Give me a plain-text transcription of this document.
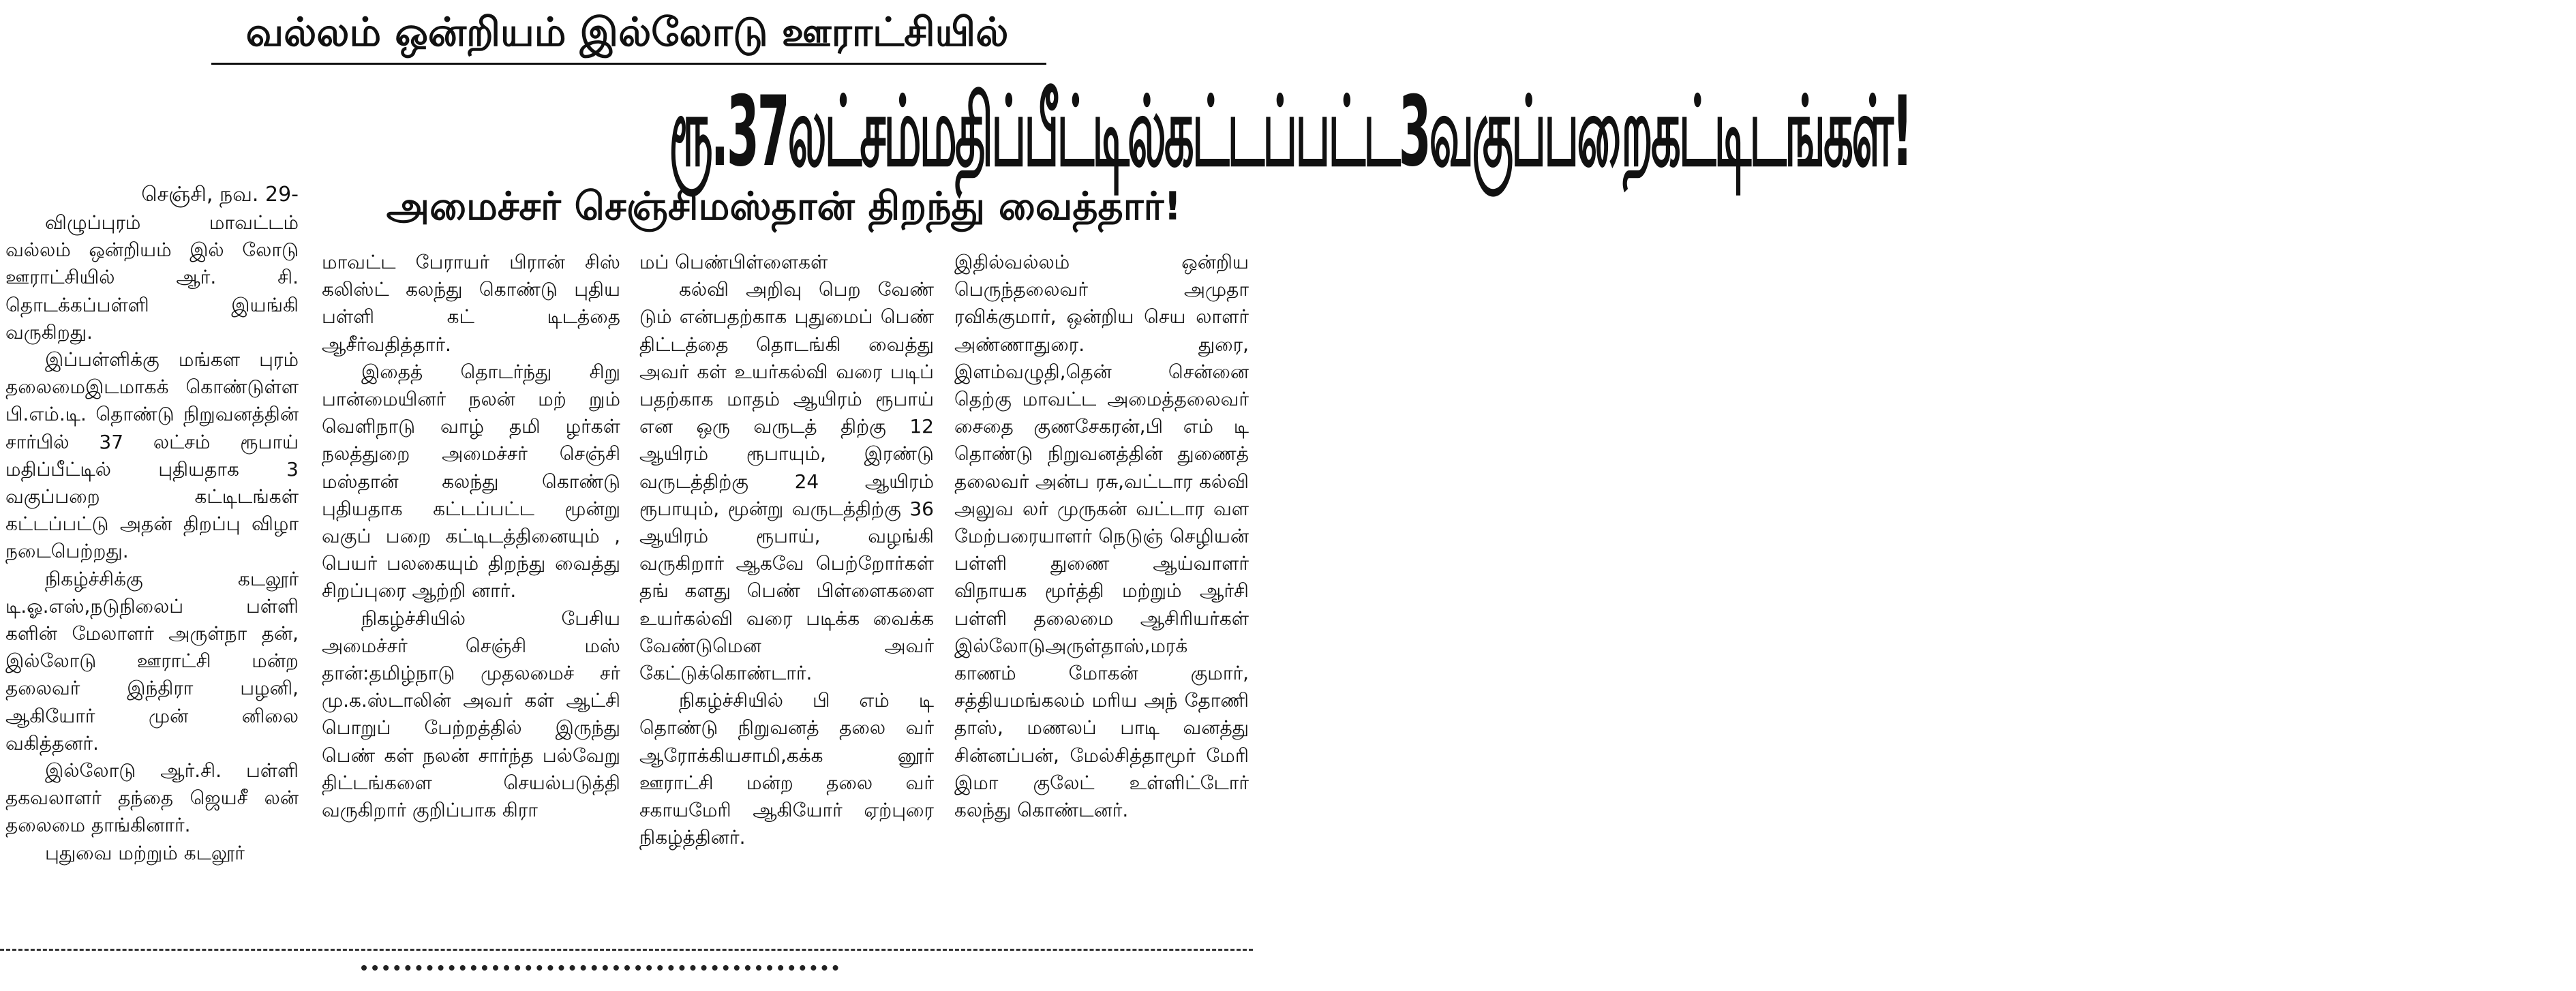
வல்லம் ஒன்றியம் இல்லோடு ஊராட்சியில்
ரூ.37லட்சம்மதிப்பீட்டில்கட்டப்பட்ட3வகுப்பறைகட்டிடங்கள்!
செஞ்சி, நவ. 29-	அமைச்சர் செஞ்சிமஸ்தான் திறந்து வைத்தார்!

விழுப்புரம் மாவட்டம் வல்லம் ஒன்றியம் இல் லோடு ஊராட்சியில் ஆர். சி. தொடக்கப்பள்ளி இயங்கி வருகிறது.

இப்பள்ளிக்கு மங்கள புரம் தலைமைஇடமாகக் கொண்டுள்ள பி.எம்.டி. தொண்டு நிறுவனத்தின் சார்பில் 37 லட்சம் ரூபாய் மதிப்பீட்டில் புதியதாக 3 வகுப்பறை கட்டிடங்கள் கட்டப்பட்டு அதன் திறப்பு விழா நடைபெற்றது.

நிகழ்ச்சிக்கு கடலூர் டி.ஓ.எஸ்,நடுநிலைப் பள்ளி களின் மேலாளர் அருள்நா தன், இல்லோடு ஊராட்சி மன்ற தலைவர் இந்திரா பழனி, ஆகியோர் முன் னிலை வகித்தனர்.

இல்லோடு ஆர்.சி. பள்ளி தகவலாளர் தந்தை ஜெயசீ லன் தலைமை தாங்கினார்.

புதுவை மற்றும் கடலூர்

மாவட்ட பேராயர் பிரான் சிஸ் கலிஸ்ட் கலந்து கொண்டு புதிய பள்ளி கட் டிடத்தை ஆசீர்வதித்தார்.

இதைத் தொடர்ந்து சிறு பான்மையினர் நலன் மற் றும் வெளிநாடு வாழ் தமி ழர்கள் நலத்துறை அமைச்சர் செஞ்சி மஸ்தான் கலந்து கொண்டு புதியதாக கட்டப்பட்ட மூன்று வகுப் பறை கட்டிடத்தினையும் , பெயர் பலகையும் திறந்து வைத்து சிறப்புரை ஆற்றி னார்.

நிகழ்ச்சியில் பேசிய அமைச்சர் செஞ்சி மஸ் தான்:தமிழ்நாடு முதலமைச் சர் மு.க.ஸ்டாலின் அவர் கள் ஆட்சி பொறுப் பேற்றத்தில் இருந்து பெண் கள் நலன் சார்ந்த பல்வேறு திட்டங்களை செயல்படுத்தி வருகிறார் குறிப்பாக கிரா

மப் பெண்பிள்ளைகள்

கல்வி அறிவு பெற வேண் டும் என்பதற்காக புதுமைப் பெண் திட்டத்தை தொடங்கி வைத்து அவர் கள் உயர்கல்வி வரை படிப் பதற்காக மாதம் ஆயிரம் ரூபாய் என ஒரு வருடத் திற்கு 12 ஆயிரம் ரூபாயும், இரண்டு வருடத்திற்கு 24 ஆயிரம் ரூபாயும், மூன்று வருடத்திற்கு 36 ஆயிரம் ரூபாய், வழங்கி வருகிறார் ஆகவே பெற்றோர்கள் தங் களது பெண் பிள்ளைகளை உயர்கல்வி வரை படிக்க வைக்க வேண்டுமென அவர் கேட்டுக்கொண்டார்.

நிகழ்ச்சியில் பி எம் டி தொண்டு நிறுவனத் தலை வர் ஆரோக்கியசாமி,கக்க னூர் ஊராட்சி மன்ற தலை வர் சகாயமேரி ஆகியோர் ஏற்புரை நிகழ்த்தினர்.

இதில்வல்லம் ஒன்றிய பெருந்தலைவர் அமுதா ரவிக்குமார், ஒன்றிய செய லாளர் அண்ணாதுரை. துரை, இளம்வழுதி,தென் சென்னை தெற்கு மாவட்ட அமைத்தலைவர் சைதை குணசேகரன்,பி எம் டி தொண்டு நிறுவனத்தின் துணைத் தலைவர் அன்ப ரசு,வட்டார கல்வி அலுவ லர் முருகன் வட்டார வள மேற்பரையாளர் நெடுஞ் செழியன் பள்ளி துணை ஆய்வாளர் விநாயக மூர்த்தி மற்றும் ஆர்சி பள்ளி தலைமை ஆசிரியர்கள் இல்லோடுஅருள்தாஸ்,மரக் காணம் மோகன் குமார், சத்தியமங்கலம் மரிய அந் தோணி தாஸ், மணலப் பாடி வனத்து சின்னப்பன், மேல்சித்தாமூர் மேரி இமா குலேட் உள்ளிட்டோர் கலந்து கொண்டனர்.
